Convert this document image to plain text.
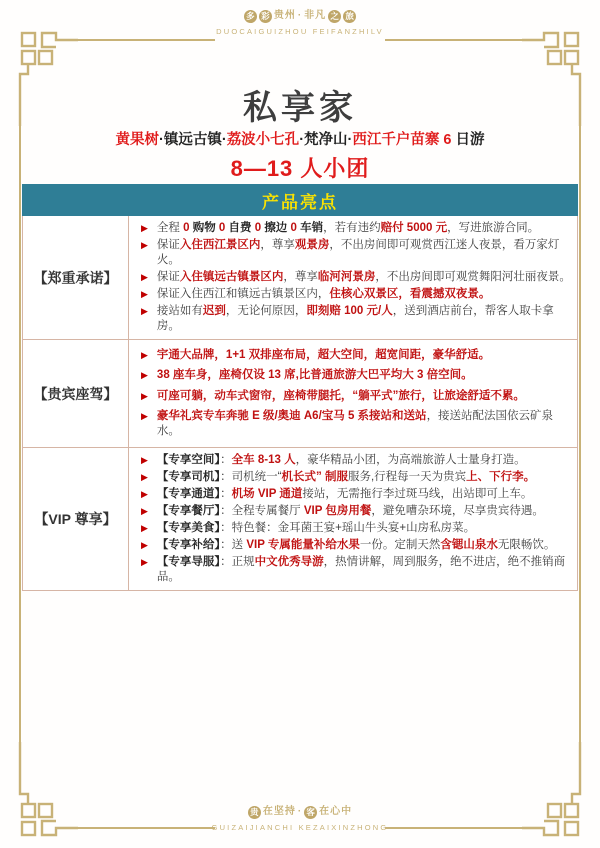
多 彩 贵州 · 非凡 之 旅
DUOCAIGUIZHOU FEIFANZHILV
私享家
黄果树·镇远古镇·荔波小七孔·梵净山·西江千户苗寨 6 日游
8—13 人小团
产品亮点
【郑重承诺】
▶ 全程 0 购物 0 自费 0 擦边 0 车销，若有违约赔付 5000 元，写进旅游合同。
▶ 保证入住西江景区内，尊享观景房，不出房间即可观赏西江迷人夜景，看万家灯火。
▶ 保证入住镇远古镇景区内，尊享临河河景房，不出房间即可观赏舞阳河壮丽夜景。
▶ 保证入住西江和镇远古镇景区内，住核心双景区，看震撼双夜景。
▶ 接站如有迟到，无论何原因，即刻赔 100 元/人，送到酒店前台，帮客人取卡拿房。
【贵宾座驾】
▶ 宇通大品牌，1+1 双排座布局，超大空间，超宽间距，豪华舒适。
▶ 38 座车身，座椅仅设 13 席,比普通旅游大巴平均大 3 倍空间。
▶ 可座可躺，动车式窗帘，座椅带腿托，“躺平式”旅行，让旅途舒适不累。
▶ 豪华礼宾专车奔驰 E 级/奥迪 A6/宝马 5 系接站和送站，接送站配法国依云矿泉水。
【VIP 尊享】
▶ 【专享空间】：全车 8-13 人，豪华精品小团，为高端旅游人士量身打造。
▶ 【专享司机】：司机统一“机长式” 制服服务,行程每一天为贵宾上、下行李。
▶ 【专享通道】：机场 VIP 通道接站，无需拖行李过斑马线，出站即可上车。
▶ 【专享餐厅】：全程专属餐厅 VIP 包房用餐，避免嘈杂环境，尽享贵宾待遇。
▶ 【专享美食】：特色餐：金耳菌王宴+瑶山牛头宴+山房私房菜。
▶ 【专享补给】：送 VIP 专属能量补给水果一份。定制天然含锶山泉水无限畅饮。
▶ 【专享导服】：正规中文优秀导游，热情讲解，周到服务，绝不进店，绝不推销商品。
贵 在坚持 · 客 在心中
GUIZAIJIANCHI KEZAIXINZHONG
